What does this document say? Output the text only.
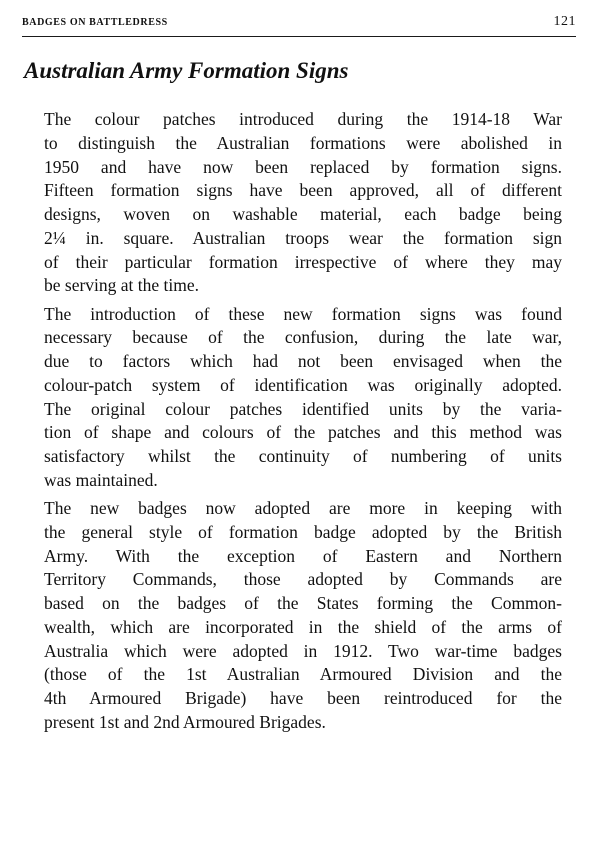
BADGES ON BATTLEDRESS	121
Australian Army Formation Signs

The colour patches introduced during the 1914-18 War
to distinguish the Australian formations were abolished in
1950 and have now been replaced by formation signs.
Fifteen formation signs have been approved, all of different
designs, woven on washable material, each badge being
2¼ in. square. Australian troops wear the formation sign
of their particular formation irrespective of where they may
be serving at the time.

The introduction of these new formation signs was found
necessary because of the confusion, during the late war,
due to factors which had not been envisaged when the
colour-patch system of identification was originally adopted.
The original colour patches identified units by the varia-
tion of shape and colours of the patches and this method was
satisfactory whilst the continuity of numbering of units
was maintained.

The new badges now adopted are more in keeping with
the general style of formation badge adopted by the British
Army. With the exception of Eastern and Northern
Territory Commands, those adopted by Commands are
based on the badges of the States forming the Common-
wealth, which are incorporated in the shield of the arms of
Australia which were adopted in 1912. Two war-time badges
(those of the 1st Australian Armoured Division and the
4th Armoured Brigade) have been reintroduced for the
present 1st and 2nd Armoured Brigades.
